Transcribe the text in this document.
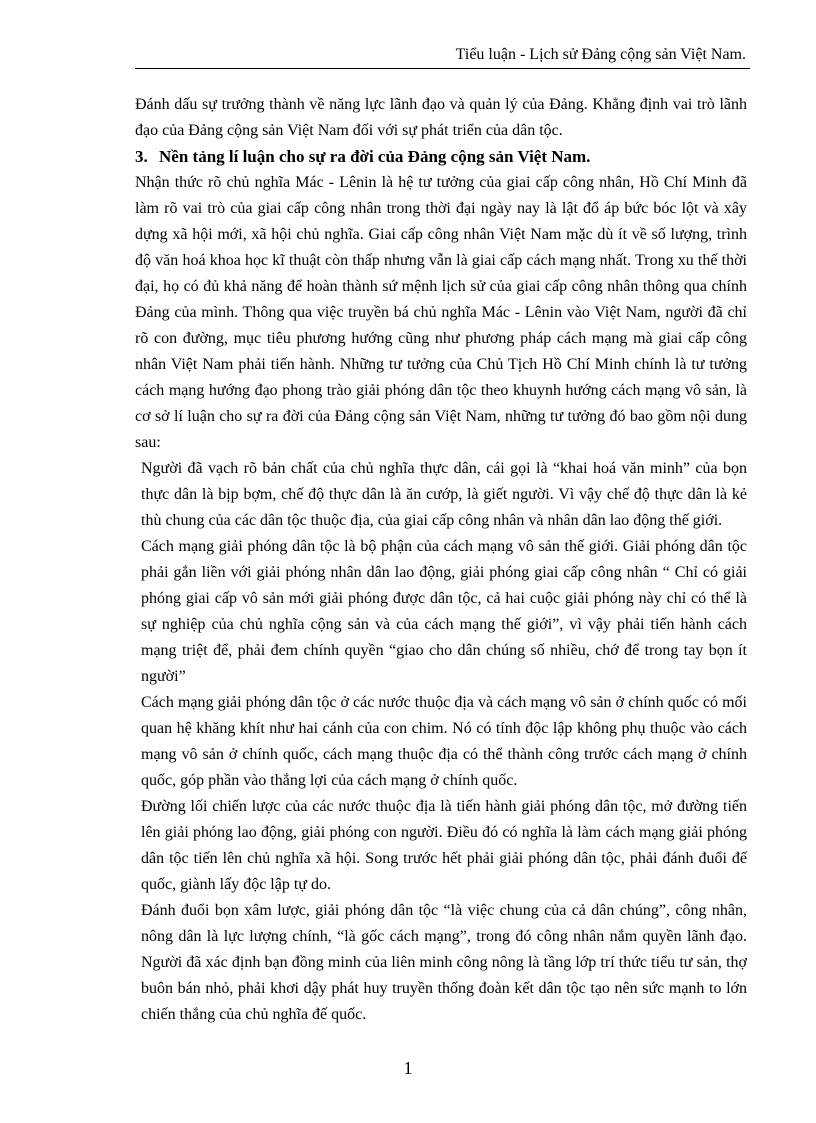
Tiểu luận - Lịch sử Đảng cộng sản Việt Nam.

Đánh dấu sự trưởng thành về năng lực lãnh đạo và quản lý của Đảng. Khẳng định vai trò lãnh đạo của Đảng cộng sản Việt Nam đối với sự phát triển của dân tộc.

3. Nền tảng lí luận cho sự ra đời của Đảng cộng sản Việt Nam.

Nhận thức rõ chủ nghĩa Mác - Lênin là hệ tư tưởng của giai cấp công nhân, Hồ Chí Minh đã làm rõ vai trò của giai cấp công nhân trong thời đại ngày nay là lật đổ áp bức bóc lột và xây dựng xã hội mới, xã hội chủ nghĩa. Giai cấp công nhân Việt Nam mặc dù ít về số lượng, trình độ văn hoá khoa học kĩ thuật còn thấp nhưng vẫn là giai cấp cách mạng nhất. Trong xu thế thời đại, họ có đủ khả năng để hoàn thành sứ mệnh lịch sử của giai cấp công nhân thông qua chính Đảng của mình. Thông qua việc truyền bá chủ nghĩa Mác - Lênin vào Việt Nam, người đã chỉ rõ con đường, mục tiêu phương hướng cũng như phương pháp cách mạng mà giai cấp công nhân Việt Nam phải tiến hành. Những tư tưởng của Chủ Tịch Hồ Chí Minh chính là tư tưởng cách mạng hướng đạo phong trào giải phóng dân tộc theo khuynh hướng cách mạng vô sản, là cơ sở lí luận cho sự ra đời của Đảng cộng sản Việt Nam, những tư tưởng đó bao gồm nội dung sau:

Người đã vạch rõ bản chất của chủ nghĩa thực dân, cái gọi là “khai hoá văn minh” của bọn thực dân là bịp bợm, chế độ thực dân là ăn cướp, là giết người. Vì vậy chế độ thực dân là kẻ thù chung của các dân tộc thuộc địa, của giai cấp công nhân và nhân dân lao động thế giới.

Cách mạng giải phóng dân tộc là bộ phận của cách mạng vô sản thế giới. Giải phóng dân tộc phải gắn liền với giải phóng nhân dân lao động, giải phóng giai cấp công nhân “ Chỉ có giải phóng giai cấp vô sản mới giải phóng được dân tộc, cả hai cuộc giải phóng này chỉ có thể là sự nghiệp của chủ nghĩa cộng sản và của cách mạng thế giới”, vì vậy phải tiến hành cách mạng triệt để, phải đem chính quyền “giao cho dân chúng số nhiều, chớ để trong tay bọn ít người”

Cách mạng giải phóng dân tộc ở các nước thuộc địa và cách mạng vô sản ở chính quốc có mối quan hệ khăng khít như hai cánh của con chim. Nó có tính độc lập không phụ thuộc vào cách mạng vô sản ở chính quốc, cách mạng thuộc địa có thể thành công trước cách mạng ở chính quốc, góp phần vào thắng lợi của cách mạng ở chính quốc.

Đường lối chiến lược của các nước thuộc địa là tiến hành giải phóng dân tộc, mở đường tiến lên giải phóng lao động, giải phóng con người. Điều đó có nghĩa là làm cách mạng giải phóng dân tộc tiến lên chủ nghĩa xã hội. Song trước hết phải giải phóng dân tộc, phải đánh đuổi đế quốc, giành lấy độc lập tự do.

Đánh đuổi bọn xâm lược, giải phóng dân tộc “là việc chung của cả dân chúng”, công nhân, nông dân là lực lượng chính, “là gốc cách mạng”, trong đó công nhân nắm quyền lãnh đạo. Người đã xác định bạn đồng minh của liên minh công nông là tầng lớp trí thức tiểu tư sản, thợ buôn bán nhỏ, phải khơi dậy phát huy truyền thống đoàn kết dân tộc tạo nên sức mạnh to lớn chiến thắng của chủ nghĩa đế quốc.

1
